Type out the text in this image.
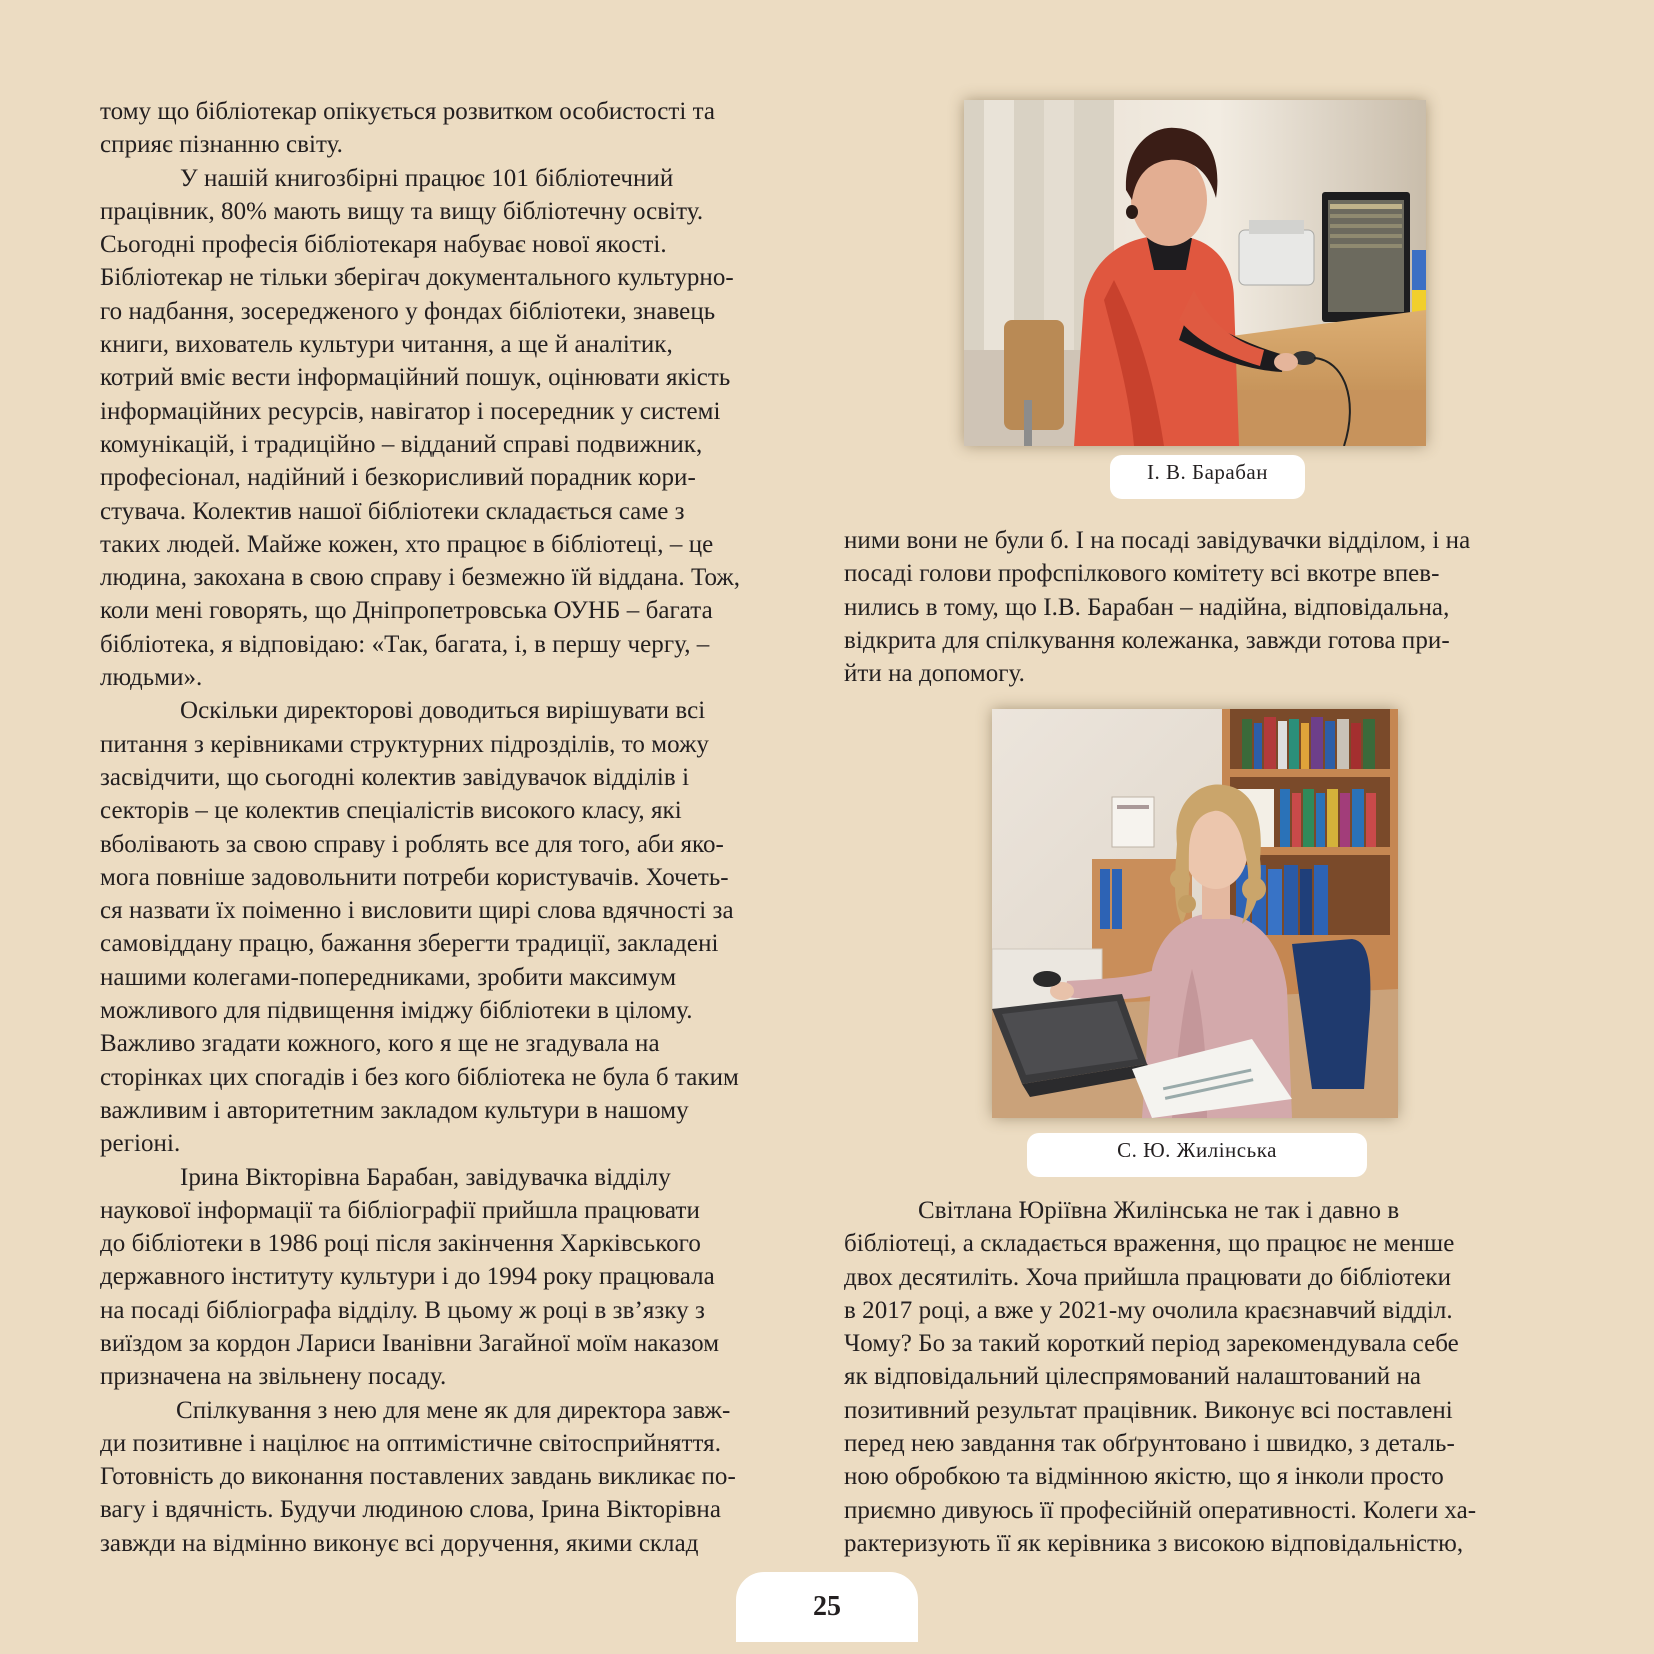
тому що бібліотекар опікується розвитком особистості та
сприяє пізнанню світу.

У нашій книгозбірні працює 101 бібліотечний
працівник, 80% мають вищу та вищу бібліотечну освіту.
Сьогодні професія бібліотекаря набуває нової якості.
Бібліотекар не тільки зберігач документального культурно-
го надбання, зосередженого у фондах бібліотеки, знавець
книги, вихователь культури читання, а ще й аналітик,
котрий вміє вести інформаційний пошук, оцінювати якість
інформаційних ресурсів, навігатор і посередник у системі
комунікацій, і традиційно – відданий справі подвижник,
професіонал, надійний і безкорисливий порадник кори-
стувача. Колектив нашої бібліотеки складається саме з
таких людей. Майже кожен, хто працює в бібліотеці, – це
людина, закохана в свою справу і безмежно їй віддана. Тож,
коли мені говорять, що Дніпропетровська ОУНБ – багата
бібліотека, я відповідаю: «Так, багата, і, в першу чергу, –
людьми».

Оскільки директорові доводиться вирішувати всі
питання з керівниками структурних підрозділів, то можу
засвідчити, що сьогодні колектив завідувачок відділів і
секторів – це колектив спеціалістів високого класу, які
вболівають за свою справу і роблять все для того, аби яко-
мога повніше задовольнити потреби користувачів. Хочеть-
ся назвати їх поіменно і висловити щирі слова вдячності за
самовіддану працю, бажання зберегти традиції, закладені
нашими колегами-попередниками, зробити максимум
можливого для підвищення іміджу бібліотеки в цілому.
Важливо згадати кожного, кого я ще не згадувала на
сторінках цих спогадів і без кого бібліотека не була б таким
важливим і авторитетним закладом культури в нашому
регіоні.

Ірина Вікторівна Барабан, завідувачка відділу
наукової інформації та бібліографії прийшла працювати
до бібліотеки в 1986 році після закінчення Харківського
державного інституту культури і до 1994 року працювала
на посаді бібліографа відділу. В цьому ж році в зв’язку з
виїздом за кордон Лариси Іванівни Загайної моїм наказом
призначена на звільнену посаду.

Спілкування з нею для мене як для директора завж-
ди позитивне і націлює на оптимістичне світосприйняття.
Готовність до виконання поставлених завдань викликає по-
вагу і вдячність. Будучи людиною слова, Ірина Вікторівна
завжди на відмінно виконує всі доручення, якими склад

І. В. Барабан

ними вони не були б. І на посаді завідувачки відділом, і на
посаді голови профспілкового комітету всі вкотре впев-
нились в тому, що І.В. Барабан – надійна, відповідальна,
відкрита для спілкування колежанка, завжди готова при-
йти на допомогу.

С. Ю. Жилінська

Світлана Юріївна Жилінська не так і давно в
бібліотеці, а складається враження, що працює не менше
двох десятиліть. Хоча прийшла працювати до бібліотеки
в 2017 році, а вже у 2021-му очолила краєзнавчий відділ.
Чому? Бо за такий короткий період зарекомендувала себе
як відповідальний цілеспрямований налаштований на
позитивний результат працівник. Виконує всі поставлені
перед нею завдання так обґрунтовано і швидко, з деталь-
ною обробкою та відмінною якістю, що я інколи просто
приємно дивуюсь її професійній оперативності. Колеги ха-
рактеризують її як керівника з високою відповідальністю,

25
